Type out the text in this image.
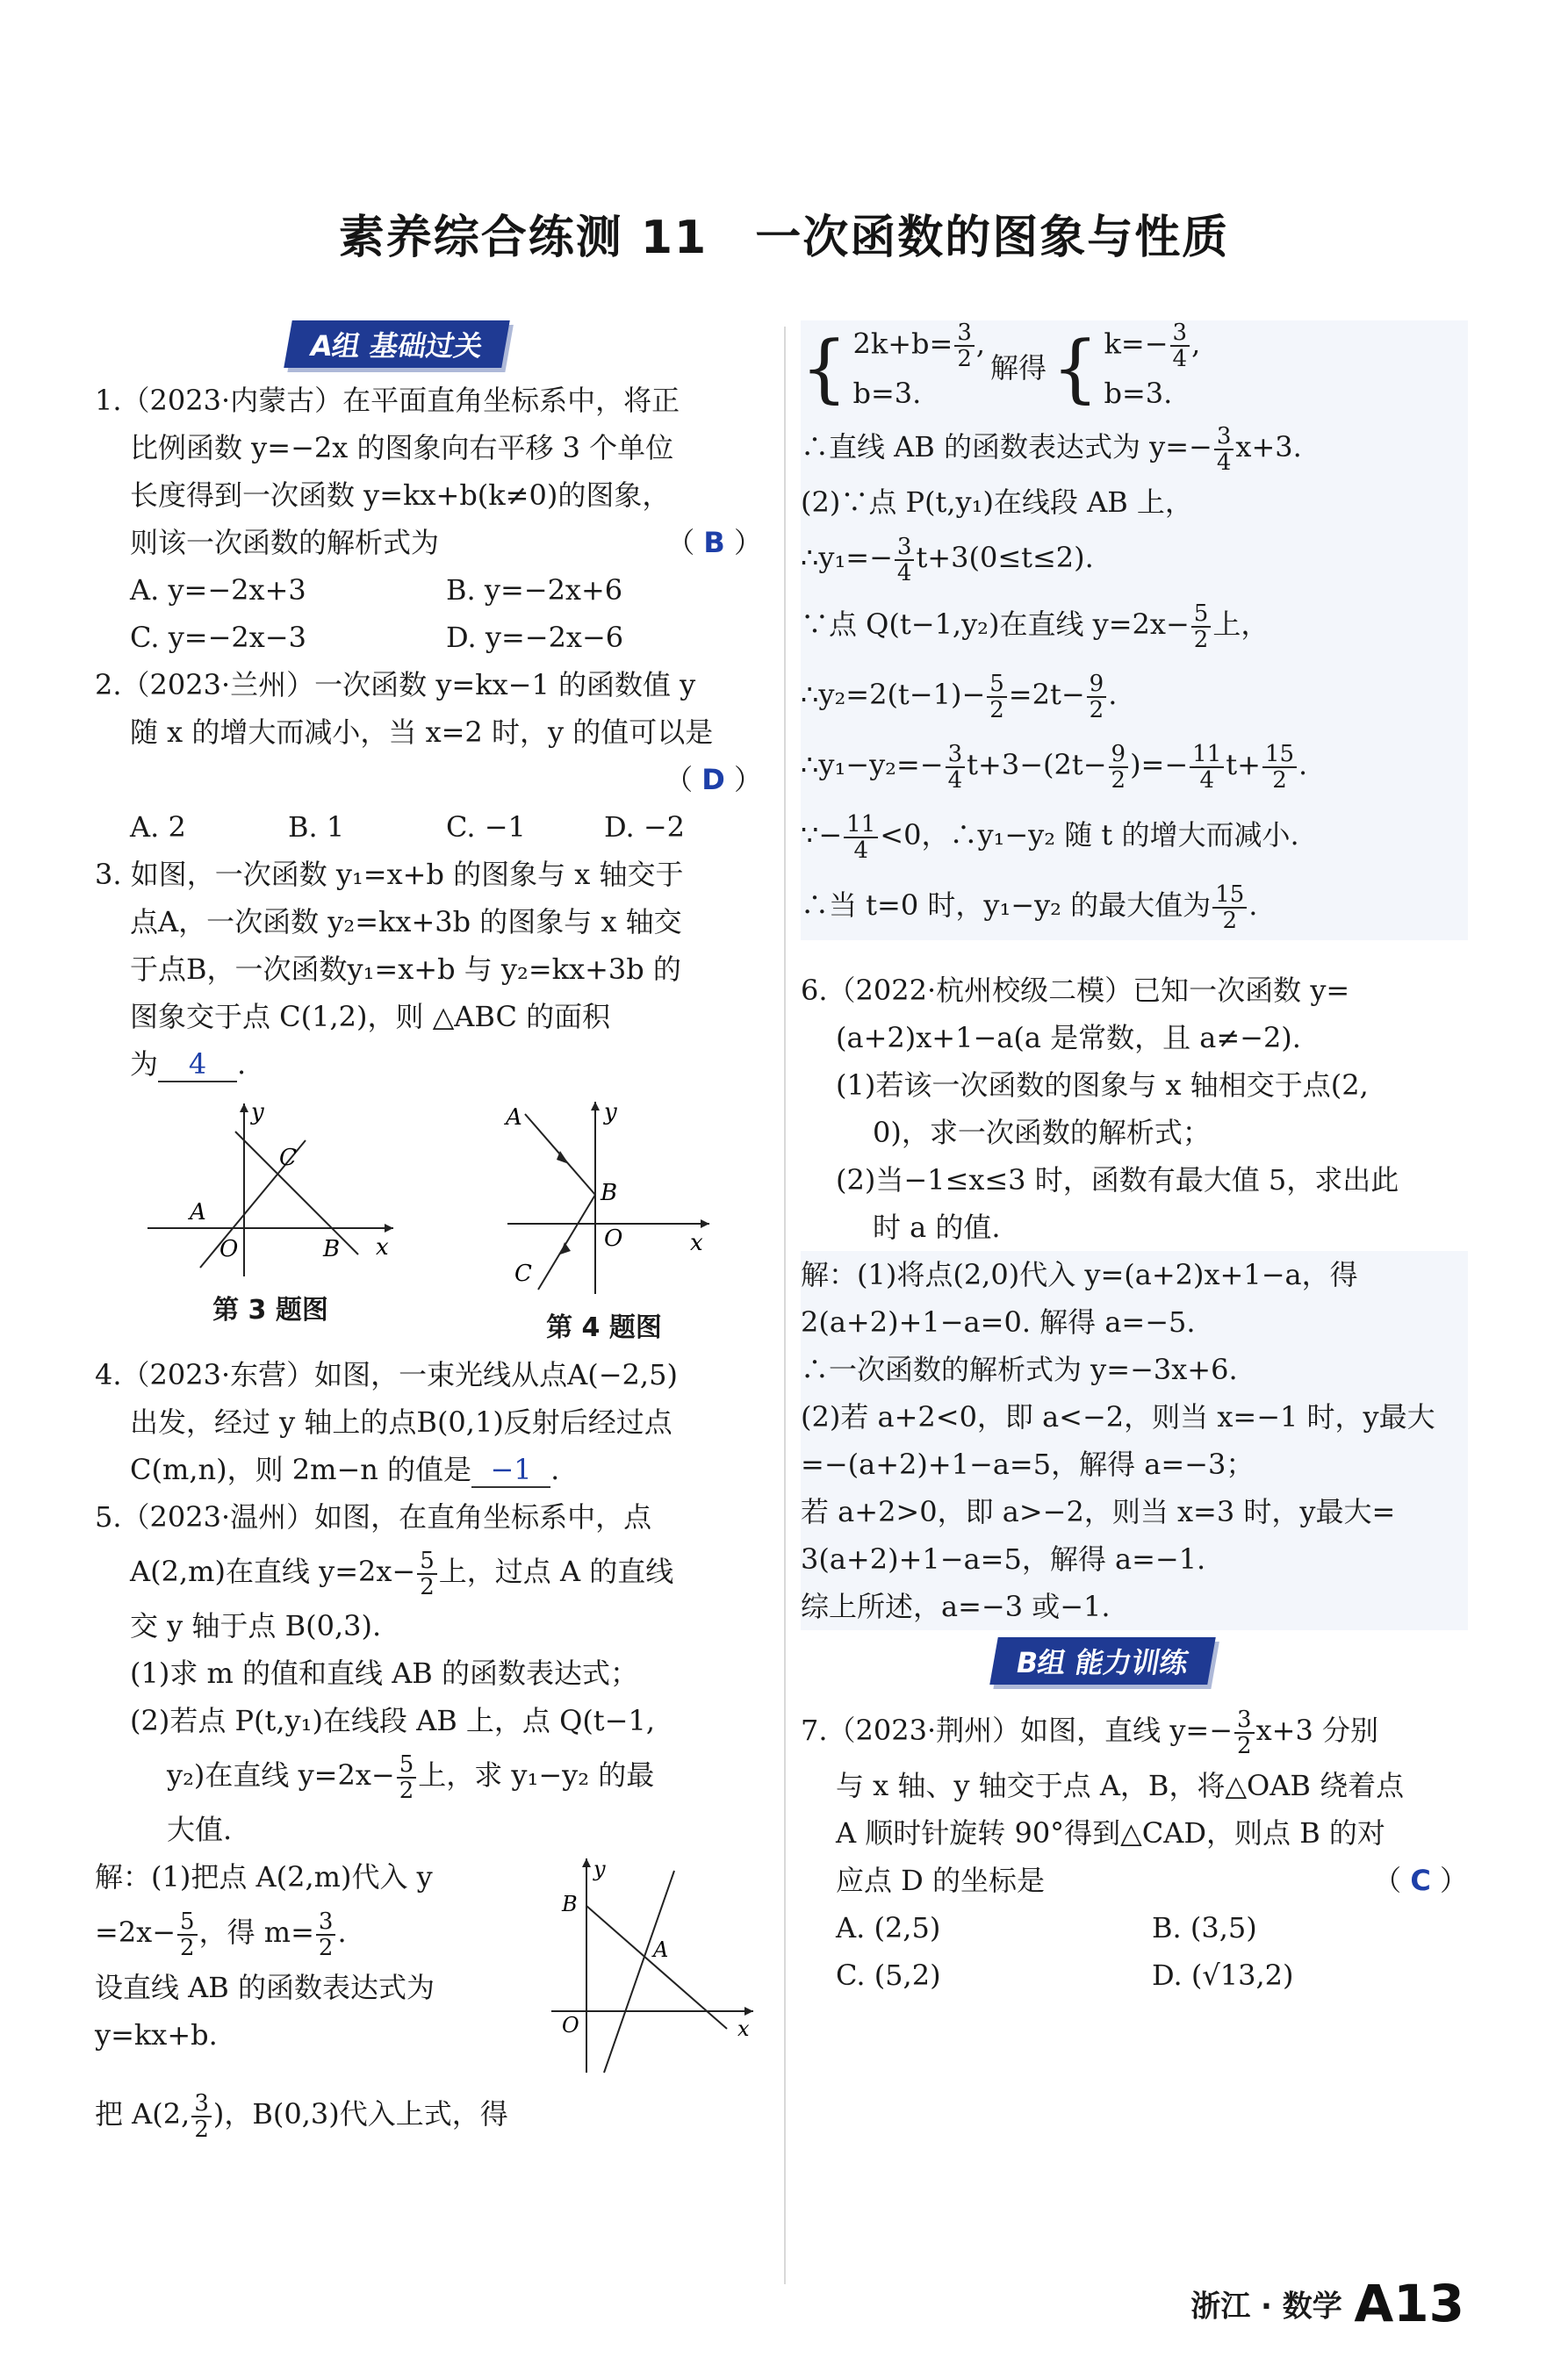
素养综合练测 11　一次函数的图象与性质
A组 基础过关

1.（2023·内蒙古）在平面直角坐标系中，将正

比例函数 y=−2x 的图象向右平移 3 个单位

长度得到一次函数 y=kx+b(k≠0)的图象，

则该一次函数的解析式为	（ B ）

A. y=−2x+3	B. y=−2x+6
C. y=−2x−3	D. y=−2x−6

2.（2023·兰州）一次函数 y=kx−1 的函数值 y

随 x 的增大而减小，当 x=2 时，y 的值可以是

（ D ）

A. 2	B. 1	C. −1	D. −2

3. 如图，一次函数 y₁=x+b 的图象与 x 轴交于

点A，一次函数 y₂=kx+3b 的图象与 x 轴交

于点B，一次函数y₁=x+b 与 y₂=kx+3b 的

图象交于点 C(1,2)，则 △ABC 的面积

为 4 .

y
x
A
O	B
C
第 3 题图
y
x
A
O
B
C
第 4 题图

4.（2023·东营）如图，一束光线从点A(−2,5)

出发，经过 y 轴上的点B(0,1)反射后经过点

C(m,n)，则 2m−n 的值是 −1 .

5.（2023·温州）如图，在直角坐标系中，点

A(2,m)在直线 $y=2x- \frac{5}{2}$ 上，过点 A 的直线

交 y 轴于点 B(0,3).

(1)求 m 的值和直线 AB 的函数表达式；

(2)若点 P(t,y₁)在线段 AB 上，点 Q(t−1,

y₂)在直线 $y=2x- \frac{5}{2}$ 上，求 y₁−y₂ 的最

大值.

解：(1)把点 A(2,m)代入 y

$=2x- \frac{5}{2}$ ，得 $m= \frac{3}{2}$ .

设直线 AB 的函数表达式为

y=kx+b.

y
x
B
A
O

把 A(2, $\frac{3}{2}$ )，B(0,3)代入上式，得

{ $2k+b= \frac{3}{2}$ ,
b=3.
解得 { $k=- \frac{3}{4}$ ,
b=3.

∴直线 AB 的函数表达式为 $y=- \frac{3}{4} x+3$.

(2)∵点 P(t,y₁)在线段 AB 上，

∴y₁=− $\frac{3}{4} t+3(0\le t\le 2)$.

∵点 Q(t−1,y₂)在直线 $y=2x- \frac{5}{2}$ 上，

∴y₂=2(t−1)− $\frac{5}{2} =2t- \frac{9}{2}$ .

∴y₁−y₂=− $\frac{3}{4} t+3-(2t- \frac{9}{2}$ )=− $\frac{11}{4} t+ \frac{15}{2}$ .

∵− $\frac{11}{4} <0$，∴y₁−y₂ 随 t 的增大而减小.

∴当 t=0 时，y₁−y₂ 的最大值为 $\frac{15}{2}$ .

6.（2022·杭州校级二模）已知一次函数 y=

(a+2)x+1−a(a 是常数，且 a≠−2).

(1)若该一次函数的图象与 x 轴相交于点(2,

0)，求一次函数的解析式；

(2)当−1≤x≤3 时，函数有最大值 5，求出此

时 a 的值.

解：(1)将点(2,0)代入 y=(a+2)x+1−a，得

2(a+2)+1−a=0. 解得 a=−5.

∴一次函数的解析式为 y=−3x+6.

(2)若 a+2<0，即 a<−2，则当 x=−1 时，y最大

=−(a+2)+1−a=5，解得 a=−3；

若 a+2>0，即 a>−2，则当 x=3 时，y最大=

3(a+2)+1−a=5，解得 a=−1.

综上所述，a=−3 或−1.

B组 能力训练

7.（2023·荆州）如图，直线 $y=- \frac{3}{2} x+3$ 分别

与 x 轴、y 轴交于点 A，B，将△OAB 绕着点

A 顺时针旋转 90°得到△CAD，则点 B 的对

应点 D 的坐标是	（ C ）

A. (2,5)	B. (3,5)
C. (5,2)	D. (√13,2)
浙江 · 数学 A13
